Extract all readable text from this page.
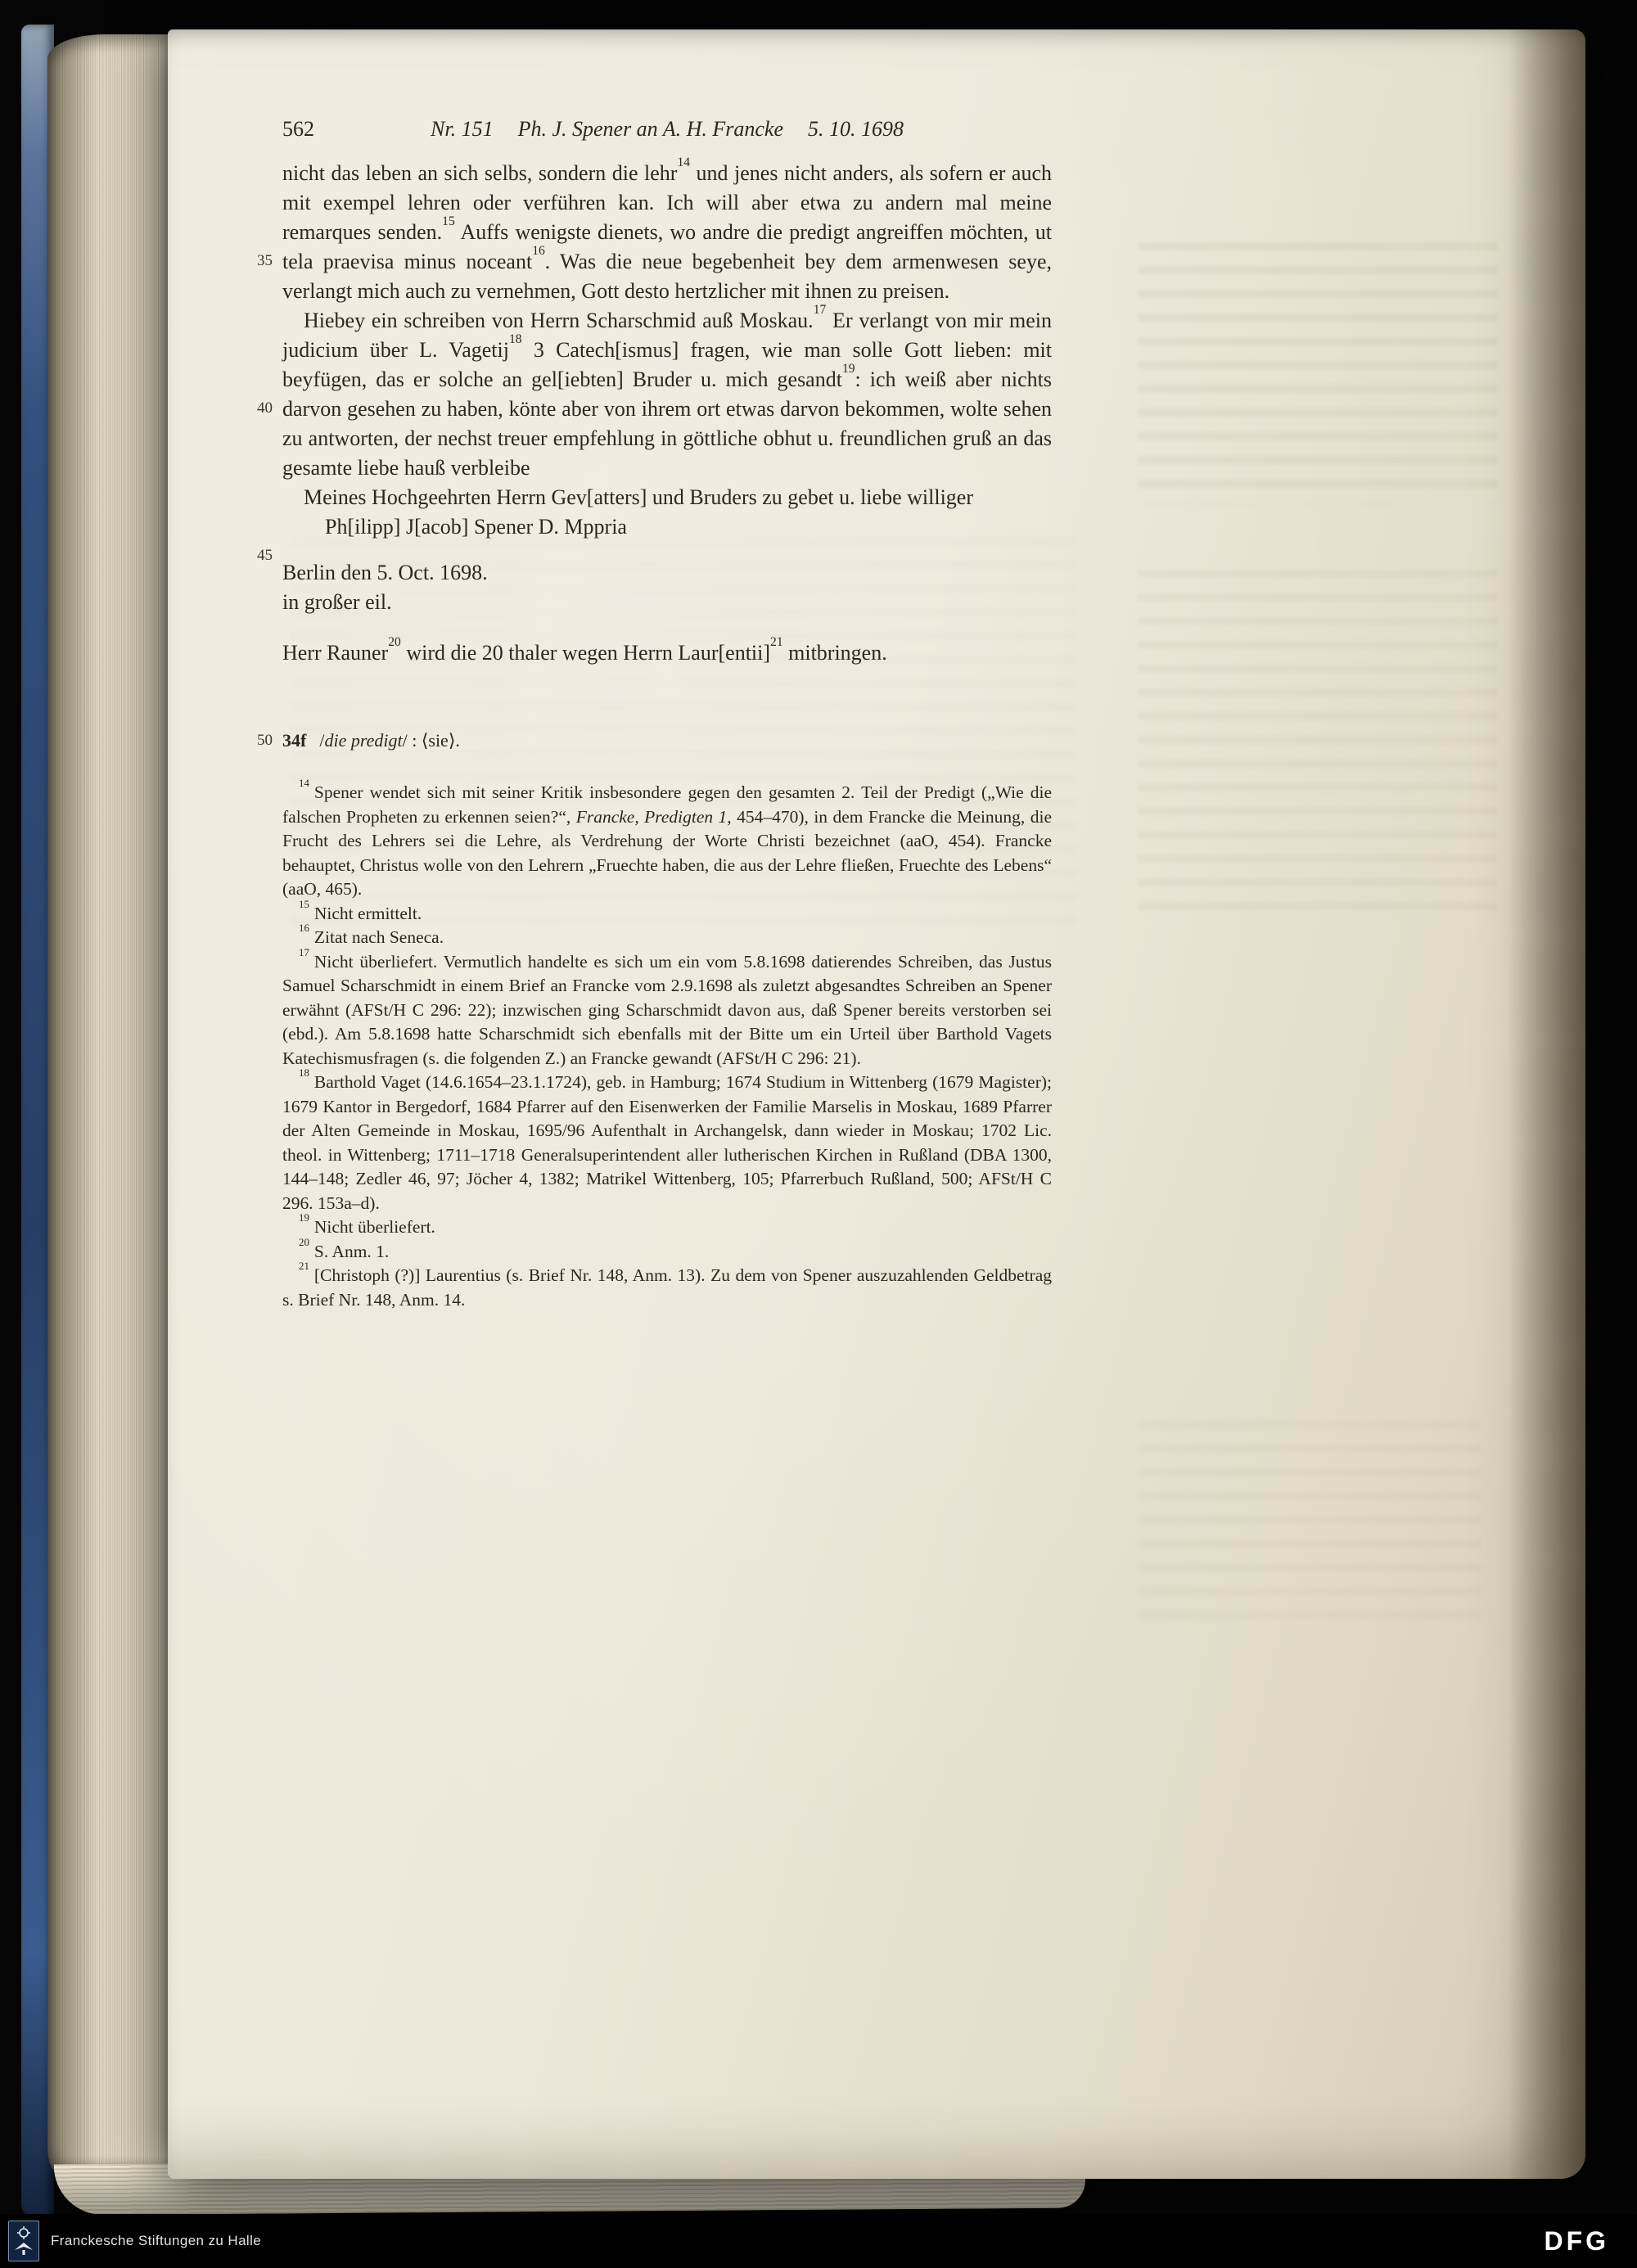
562	Nr. 151 Ph. J. Spener an A. H. Francke 5. 10. 1698
35
40
45
50

nicht das leben an sich selbs, sondern die lehr$^{14}$ und jenes nicht anders, als sofern er auch mit exempel lehren oder verführen kan. Ich will aber etwa zu andern mal meine remarques senden.$^{15}$ Auffs wenigste dienets, wo andre die predigt angreiffen möchten, ut tela praevisa minus noceant$^{16}$. Was die neue begebenheit bey dem armenwesen seye, verlangt mich auch zu vernehmen, Gott desto hertzlicher mit ihnen zu preisen.

Hiebey ein schreiben von Herrn Scharschmid auß Moskau.$^{17}$ Er verlangt von mir mein judicium über L. Vagetij$^{18}$ 3 Catech[ismus] fragen, wie man solle Gott lieben: mit beyfügen, das er solche an gel[iebten] Bruder u. mich gesandt$^{19}$: ich weiß aber nichts darvon gesehen zu haben, könte aber von ihrem ort etwas darvon bekommen, wolte sehen zu antworten, der nechst treuer empfehlung in göttliche obhut u. freundlichen gruß an das gesamte liebe hauß verbleibe

Meines Hochgeehrten Herrn Gev[atters] und Bruders zu gebet u. liebe williger

Ph[ilipp] J[acob] Spener D. Mppria

Berlin den 5. Oct. 1698.

in großer eil.

Herr Rauner$^{20}$ wird die 20 thaler wegen Herrn Laur[entii]$^{21}$ mitbringen.

34f /die predigt/ : ⟨sie⟩.

$^{14}$ Spener wendet sich mit seiner Kritik insbesondere gegen den gesamten 2. Teil der Predigt („Wie die falschen Propheten zu erkennen seien?“, Francke, Predigten 1, 454–470), in dem Francke die Meinung, die Frucht des Lehrers sei die Lehre, als Verdrehung der Worte Christi bezeichnet (aaO, 454). Francke behauptet, Christus wolle von den Lehrern „Fruechte haben, die aus der Lehre fließen, Fruechte des Lebens“ (aaO, 465).

$^{15}$ Nicht ermittelt.

$^{16}$ Zitat nach Seneca.

$^{17}$ Nicht überliefert. Vermutlich handelte es sich um ein vom 5.8.1698 datierendes Schreiben, das Justus Samuel Scharschmidt in einem Brief an Francke vom 2.9.1698 als zuletzt abgesandtes Schreiben an Spener erwähnt (AFSt/H C 296: 22); inzwischen ging Scharschmidt davon aus, daß Spener bereits verstorben sei (ebd.). Am 5.8.1698 hatte Scharschmidt sich ebenfalls mit der Bitte um ein Urteil über Barthold Vagets Katechismusfragen (s. die folgenden Z.) an Francke gewandt (AFSt/H C 296: 21).

$^{18}$ Barthold Vaget (14.6.1654–23.1.1724), geb. in Hamburg; 1674 Studium in Wittenberg (1679 Magister); 1679 Kantor in Bergedorf, 1684 Pfarrer auf den Eisenwerken der Familie Marselis in Moskau, 1689 Pfarrer der Alten Gemeinde in Moskau, 1695/96 Aufenthalt in Archangelsk, dann wieder in Moskau; 1702 Lic. theol. in Wittenberg; 1711–1718 Generalsuperintendent aller lutherischen Kirchen in Rußland (DBA 1300, 144–148; Zedler 46, 97; Jöcher 4, 1382; Matrikel Wittenberg, 105; Pfarrerbuch Rußland, 500; AFSt/H C 296. 153a–d).

$^{19}$ Nicht überliefert.

$^{20}$ S. Anm. 1.

$^{21}$ [Christoph (?)] Laurentius (s. Brief Nr. 148, Anm. 13). Zu dem von Spener auszuzahlenden Geldbetrag s. Brief Nr. 148, Anm. 14.

Franckesche Stiftungen zu Halle	DFG
